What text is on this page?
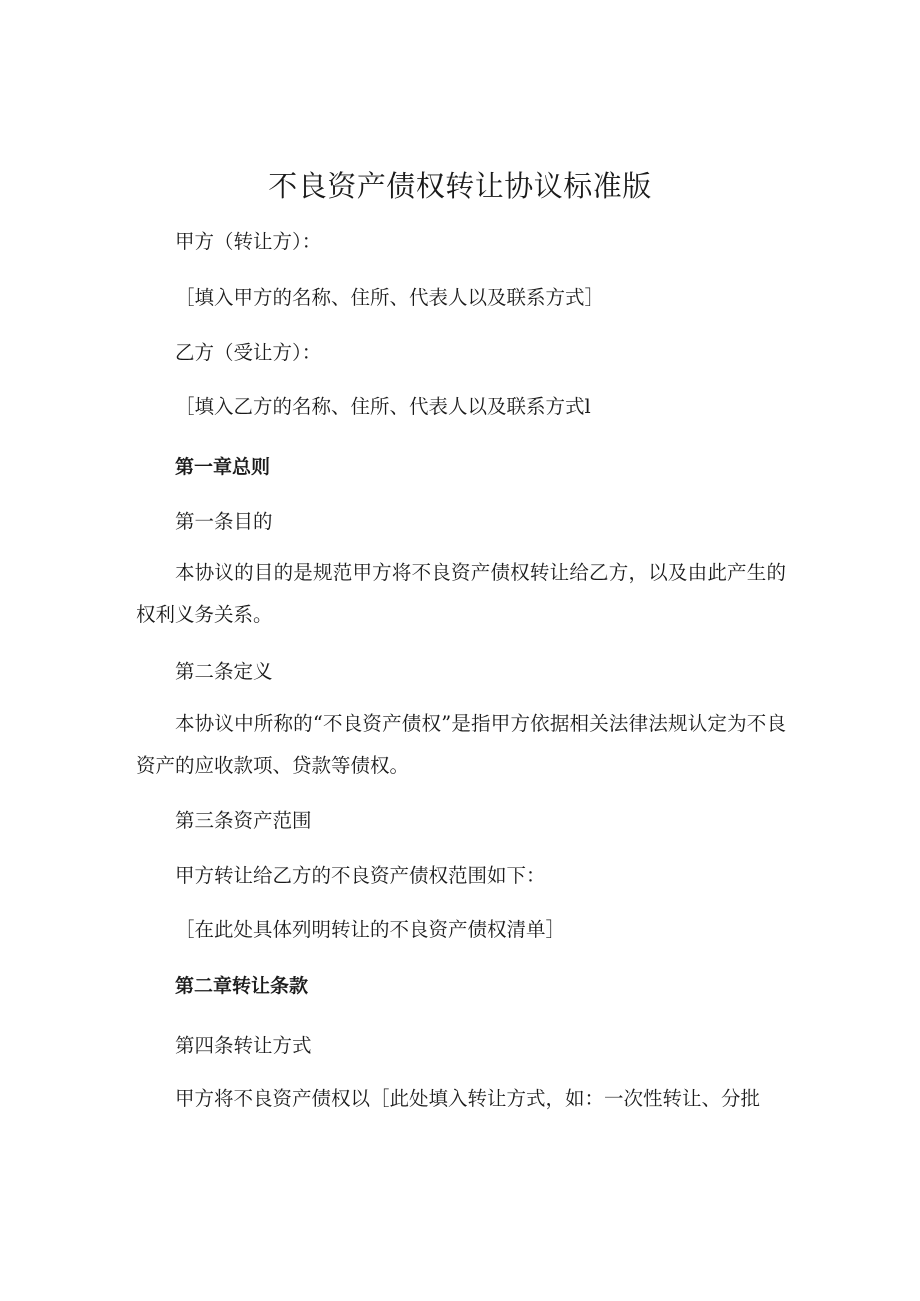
不良资产债权转让协议标准版

甲方（转让方）：

［填入甲方的名称、住所、代表人以及联系方式］

乙方（受让方）：

［填入乙方的名称、住所、代表人以及联系方式l

第一章总则

第一条目的

本协议的目的是规范甲方将不良资产债权转让给乙方，以及由此产生的权利义务关系。

第二条定义

本协议中所称的“不良资产债权”是指甲方依据相关法律法规认定为不良资产的应收款项、贷款等债权。

第三条资产范围

甲方转让给乙方的不良资产债权范围如下：

［在此处具体列明转让的不良资产债权清单］

第二章转让条款

第四条转让方式

甲方将不良资产债权以［此处填入转让方式，如：一次性转让、分批
